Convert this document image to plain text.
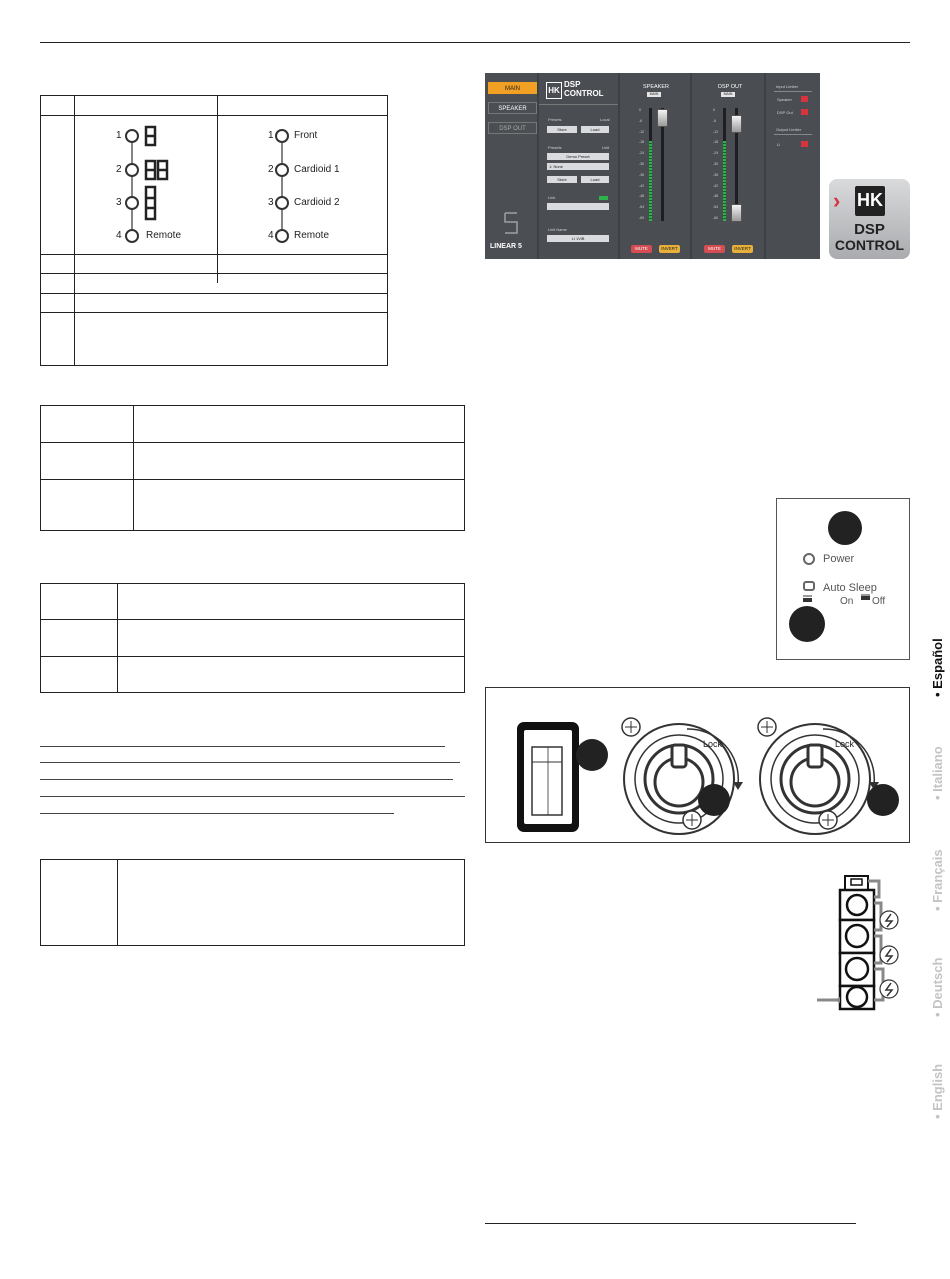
1
2
3
4 Remote
1 Front
2 Cardioid 1
3 Cardioid 2
4 Remote
MAIN
SPEAKER
DSP OUT
LINEAR 5
HK
DSP
CONTROL
Presets	Local
Store	Load
Presets	Unit
Demo Preset
1: None
Store	Load
Link
Unit Name
LI 1ViB
SPEAKER
MAIN
MUTE	INVERT
DSP OUT
MAIN
MUTE	INVERT
Input Limiter
Speaker
DSP Out
Output Limiter
LI
0
-6
-12
-18
-24
-30
-36
-42
-48
-54
-60
0
-6
-12
-18
-24
-30
-36
-42
-48
-54
-60
› HK
DSP
CONTROL
Power
Auto Sleep
On Off
Lock	Lock
• Español
• Italiano
• Français
• Deutsch
• English
